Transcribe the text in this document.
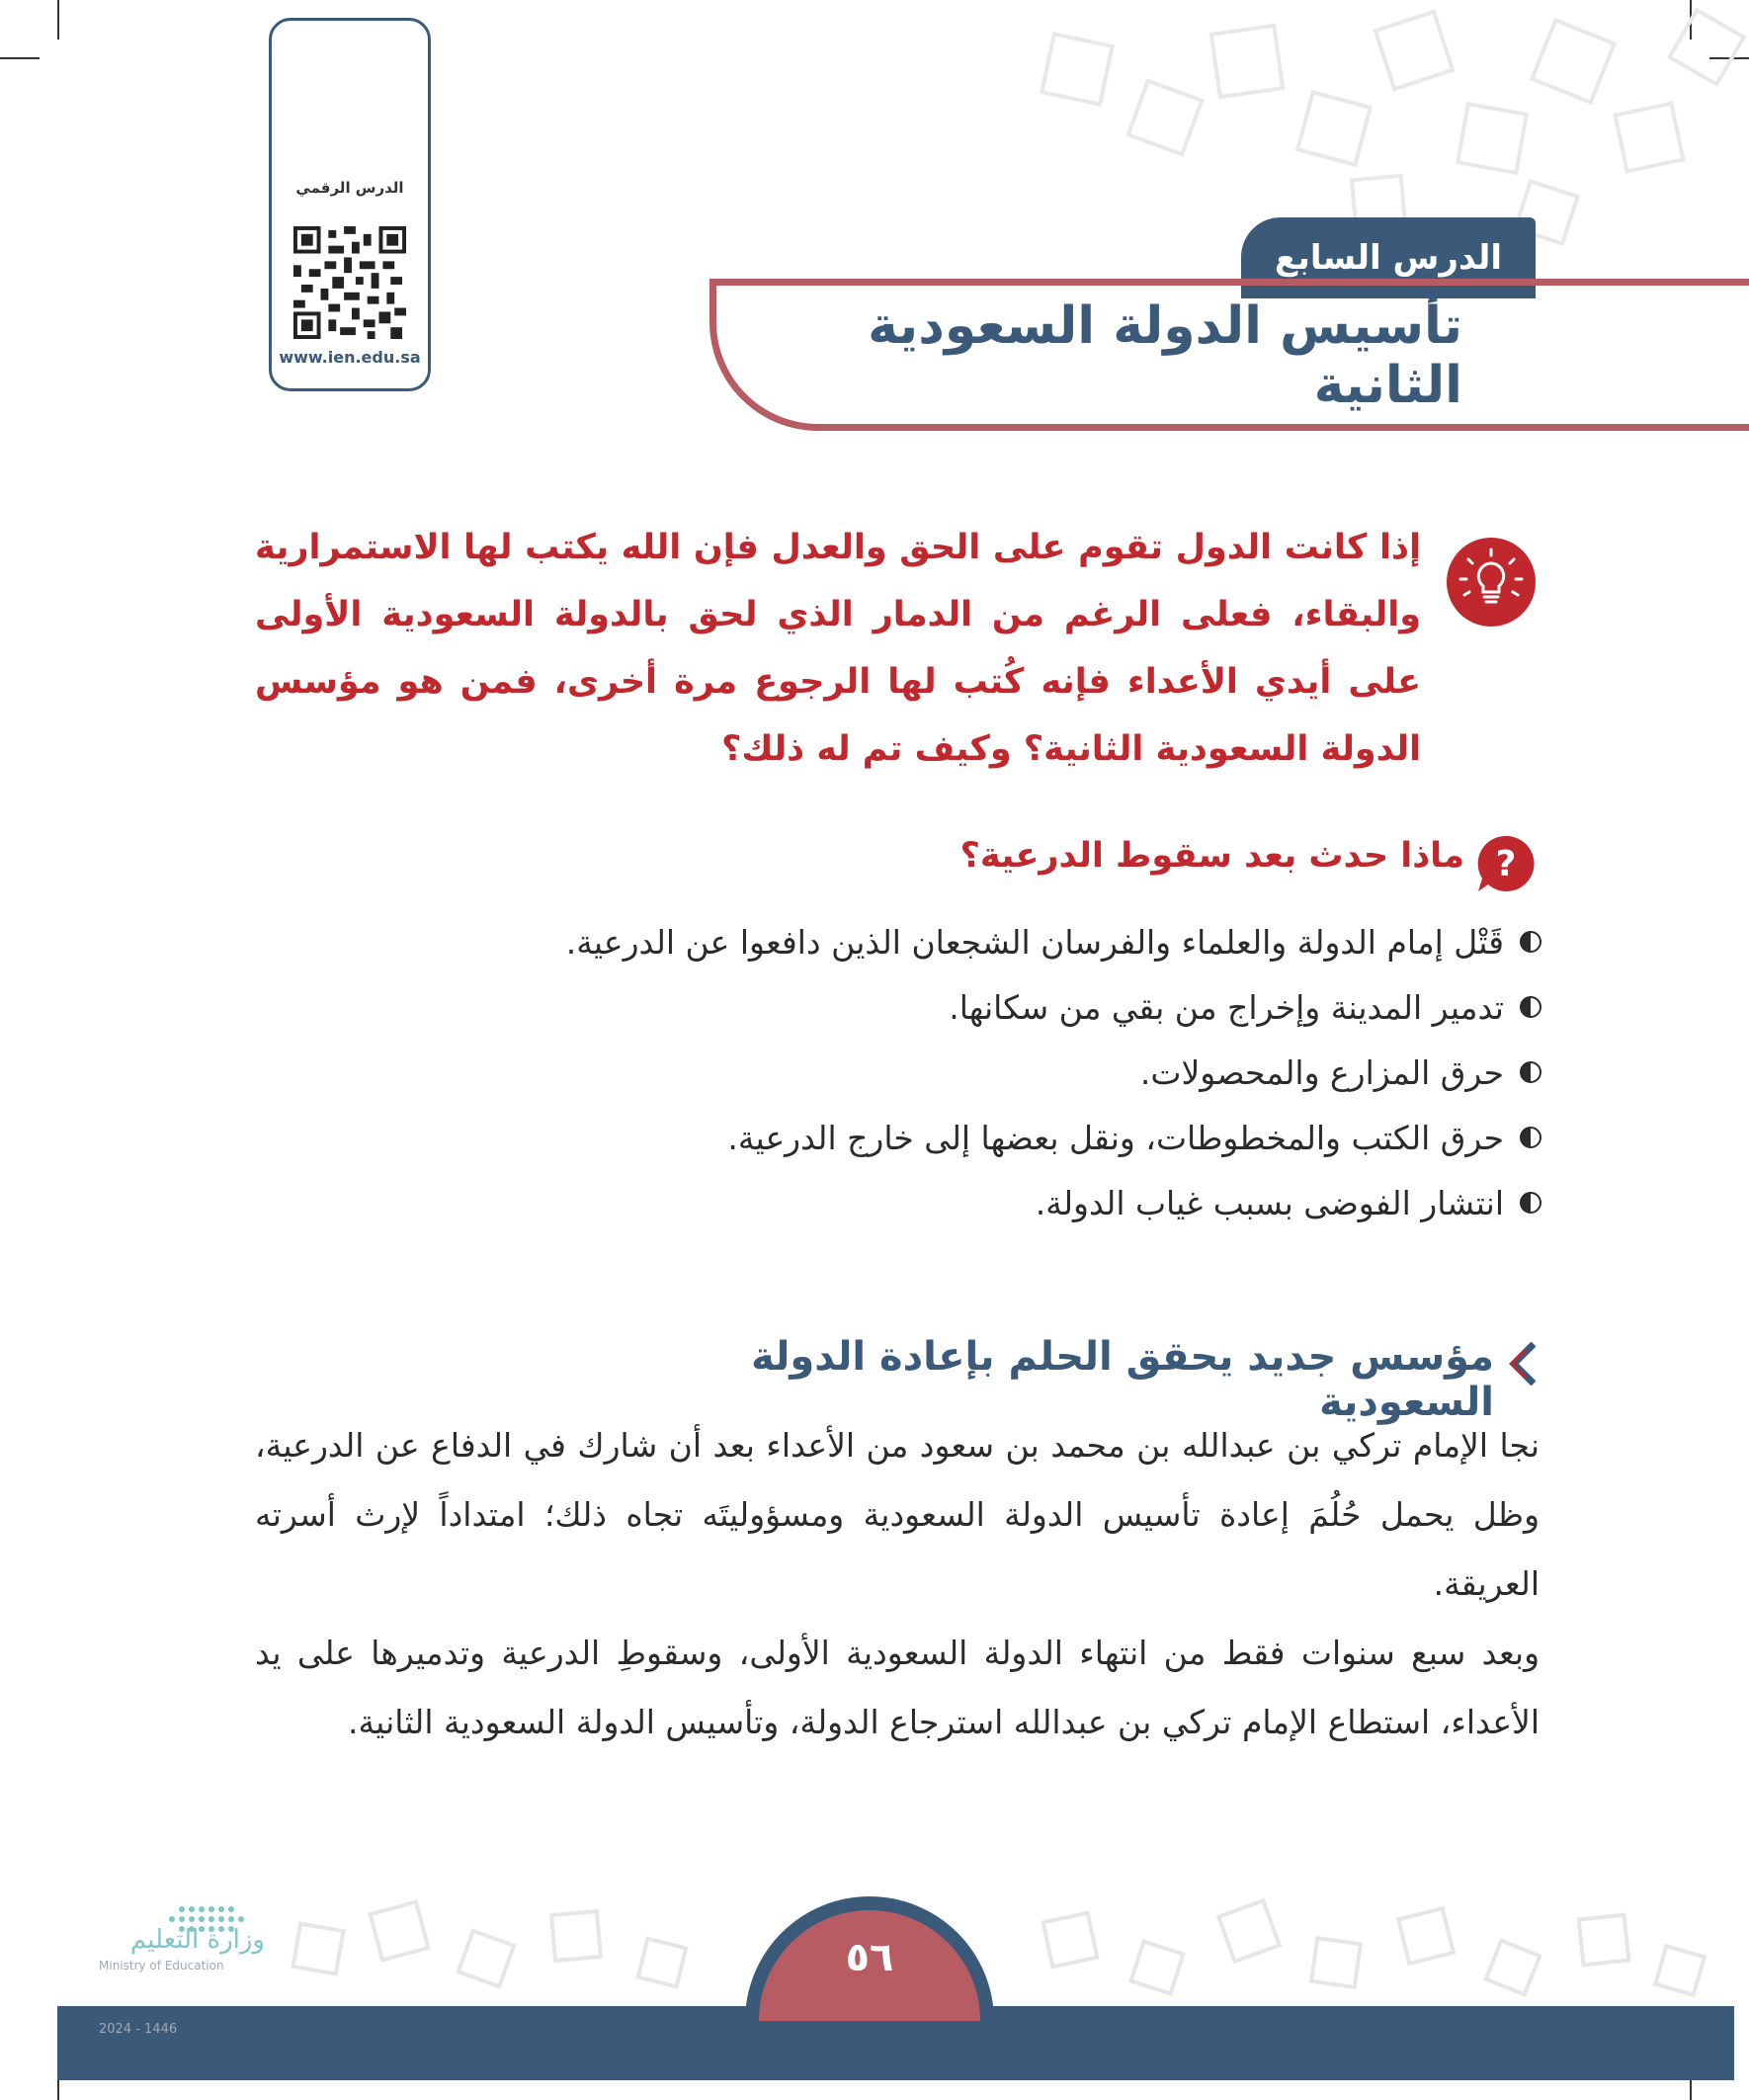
الدرس الرقمي
www.ien.edu.sa
الدرس السابع
تأسيس الدولة السعودية الثانية
إذا كانت الدول تقوم على الحق والعدل فإن الله يكتب لها الاستمرارية والبقاء، فعلى الرغم من الدمار الذي لحق بالدولة السعودية الأولى على أيدي الأعداء فإنه كُتب لها الرجوع مرة أخرى، فمن هو مؤسس الدولة السعودية الثانية؟ وكيف تم له ذلك؟
?
ماذا حدث بعد سقوط الدرعية؟
قَتْل إمام الدولة والعلماء والفرسان الشجعان الذين دافعوا عن الدرعية.
تدمير المدينة وإخراج من بقي من سكانها.
حرق المزارع والمحصولات.
حرق الكتب والمخطوطات، ونقل بعضها إلى خارج الدرعية.
انتشار الفوضى بسبب غياب الدولة.
مؤسس جديد يحقق الحلم بإعادة الدولة السعودية

نجا الإمام تركي بن عبدالله بن محمد بن سعود من الأعداء بعد أن شارك في الدفاع عن الدرعية، وظل يحمل حُلُمَ إعادة تأسيس الدولة السعودية ومسؤوليتَه تجاه ذلك؛ امتداداً لإرث أسرته العريقة.

وبعد سبع سنوات فقط من انتهاء الدولة السعودية الأولى، وسقوطِ الدرعية وتدميرها على يد الأعداء، استطاع الإمام تركي بن عبدالله استرجاع الدولة، وتأسيس الدولة السعودية الثانية.

٥٦
وزارة التعليم
Ministry of Education
2024 - 1446
